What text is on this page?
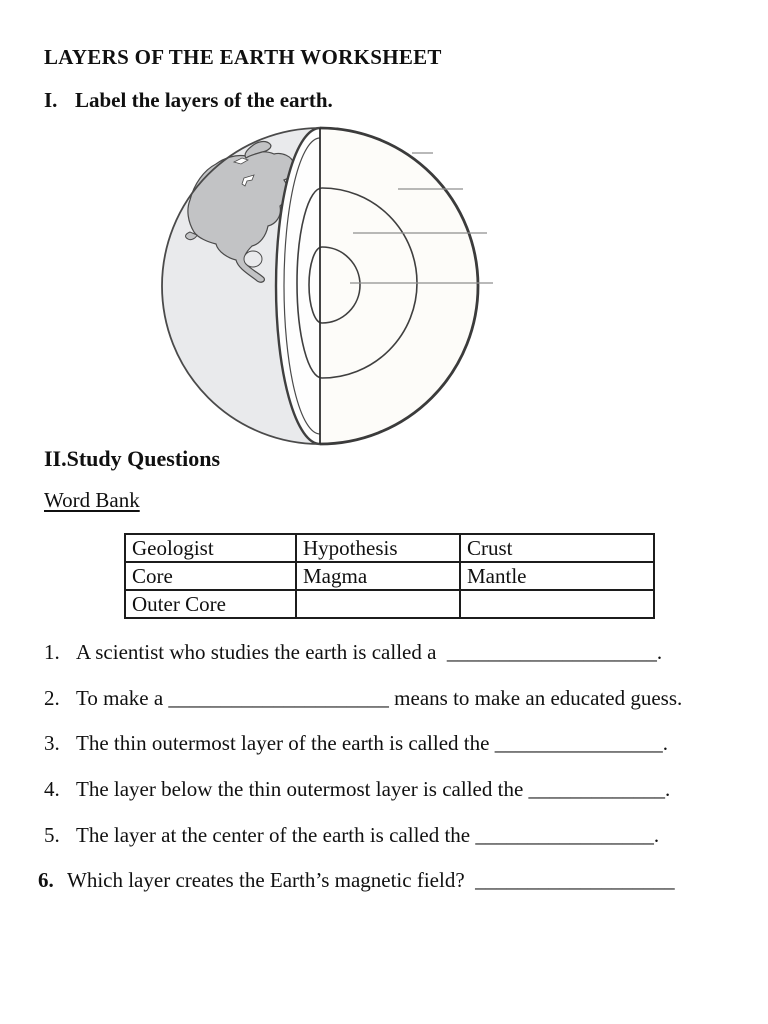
LAYERS OF THE EARTH WORKSHEET
I. Label the layers of the earth.
II.Study Questions
Word Bank
Geologist	Hypothesis	Crust
Core	Magma	Mantle
Outer Core		
1. A scientist who studies the earth is called a  ____________________.
2. To make a _____________________ means to make an educated guess.
3. The thin outermost layer of the earth is called the ________________.
4. The layer below the thin outermost layer is called the _____________.
5. The layer at the center of the earth is called the _________________.
6. Which layer creates the Earth’s magnetic field?  ___________________
